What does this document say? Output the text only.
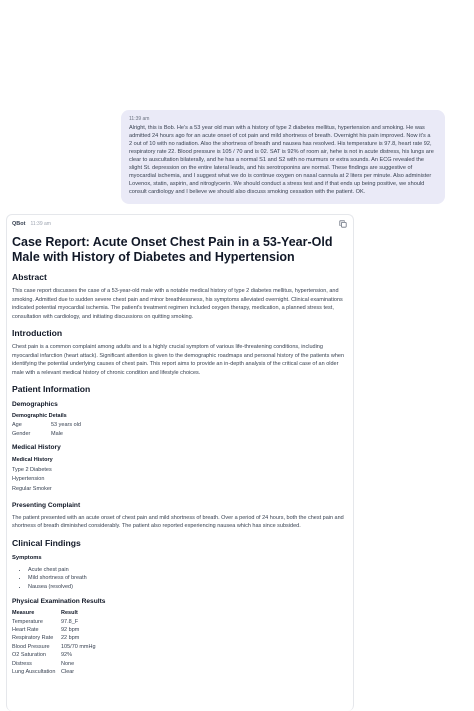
11:39 am

Alright, this is Bob. He's a 53 year old man with a history of type 2 diabetes mellitus, hypertension and smoking. He was admitted 24 hours ago for an acute onset of cot pain and mild shortness of breath. Overnight his pain improved. Now it's a 2 out of 10 with no radiation. Also the shortness of breath and nausea has resolved. His temperature is 97.8, heart rate 92, respiratory rate 22. Blood pressure is 105 / 70 and is 02. SAT is 92% of room air, hehe is not in acute distress, his lungs are clear to auscultation bilaterally, and he has a normal S1 and S2 with no murmurs or extra sounds. An ECG revealed the slight St. depression on the entire lateral leads, and his serotroponins are normal. These findings are suggestive of myocardial ischemia, and I suggest what we do is continue oxygen on nasal cannula at 2 liters per minute. Also administer Lovenox, statin, aspirin, and nitroglycerin. We should conduct a stress test and if that ends up being positive, we should consult cardiology and I believe we should also discuss smoking cessation with the patient. OK.

QBot 11:39 am
Case Report: Acute Onset Chest Pain in a 53-Year-Old Male with History of Diabetes and Hypertension
Abstract

This case report discusses the case of a 53-year-old male with a notable medical history of type 2 diabetes mellitus, hypertension, and smoking. Admitted due to sudden severe chest pain and minor breathlessness, his symptoms alleviated overnight. Clinical examinations indicated potential myocardial ischemia. The patient's treatment regimen included oxygen therapy, medication, a planned stress test, consultation with cardiology, and initiating discussions on quitting smoking.

Introduction

Chest pain is a common complaint among adults and is a highly crucial symptom of various life-threatening conditions, including myocardial infarction (heart attack). Significant attention is given to the demographic roadmaps and personal history of the patients when identifying the potential underlying causes of chest pain. This report aims to provide an in-depth analysis of the critical case of an older male with a relevant medical history of chronic condition and lifestyle choices.

Patient Information
Demographics
Demographic Details
Age	53 years old
Gender	Male
Medical History
Medical History
Type 2 Diabetes
Hypertension
Regular Smoker
Presenting Complaint

The patient presented with an acute onset of chest pain and mild shortness of breath. Over a period of 24 hours, both the chest pain and shortness of breath diminished considerably. The patient also reported experiencing nausea which has since subsided.

Clinical Findings
Symptoms
• Acute chest pain
• Mild shortness of breath
• Nausea (resolved)
Physical Examination Results
Measure	Result
Temperature	97.8_F
Heart Rate	92 bpm
Respiratory Rate	22 bpm
Blood Pressure	105/70 mmHg
O2 Saturation	92%
Distress	None
Lung Auscultation	Clear
